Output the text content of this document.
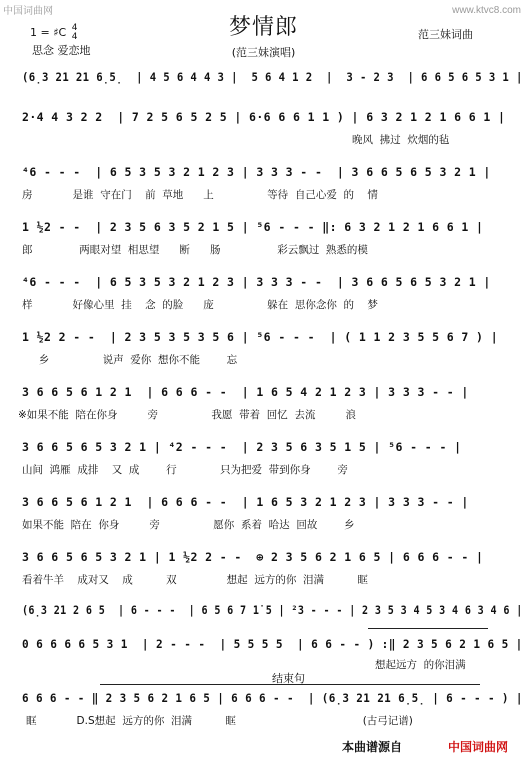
中国词曲网	www.ktvc8.com
1 = ♯C 4
4
思念 爱恋地
梦情郎
(范三妹演唱)
范三妹词曲
(6̣3 21 21 6̣5̣  | 4 5 6 4 4 3 |  5 6 4 1 2  |  3 - 2 3  | 6 6 5 6 5 3 1 |
2·4 4 3 2 2  | 7 2 5 6 5 2 5 | 6·6 6 6 1 1 ) | 6 3 2 1 2 1 6 6 1 |
晚风  拂过  炊烟的毡
⁴6 - - -  | 6 5 3 5 3 2 1 2 3 | 3 3 3 - -  | 3 6 6 5 6 5 3 2 1 |
房            是谁  守在门    前  草地      上                等待  自己心爱  的    情
1 ½2 - -  | 2 3 5 6 3 5 2 1 5 | ⁵6 - - - ‖: 6 3 2 1 2 1 6 6 1 |
郎              两眼对望  相思望      断      肠                 彩云飘过  熟悉的模
⁴6 - - -  | 6 5 3 5 3 2 1 2 3 | 3 3 3 - -  | 3 6 6 5 6 5 3 2 1 |
样            好像心里  挂    念  的脸      庞                躲在  思你念你  的    梦
1 ½2 2 - -  | 2 3 5 3 5 3 5 6 | ⁵6 - - -  | ( 1 1 2 3 5 5 6 7 ) |
乡                说声  爱你  想你不能        忘
3 6 6 5 6 1 2 1  | 6 6 6 - -  | 1 6 5 4 2 1 2 3 | 3 3 3 - - |
※如果不能  陪在你身         旁                我愿  带着  回忆  去流         浪
3 6 6 5 6 5 3 2 1 | ⁴2 - - -  | 2 3 5 6 3 5 1 5 | ⁵6 - - - |
山间  鸿雁  成排    又  成        行             只为把爱  带到你身        旁
3 6 6 5 6 1 2 1  | 6 6 6 - -  | 1 6 5 3 2 1 2 3 | 3 3 3 - - |
如果不能  陪在  你身         旁                愿你  系着  哈达  回故        乡
3 6 6 5 6 5 3 2 1 | 1 ½2 2 - -  ⊕ 2 3 5 6 2 1 6 5 | 6 6 6 - - |
看着牛羊    成对又    成          双               想起  远方的你  泪满          眶
(6̣3 21 2 6 5  | 6 - - -  | 6 5 6 7 1̇ 5 | ²3 - - - | 2 3 5 3 4 5 3 4 6 3 4 6 |
0 6 6 6 6 5 3 1  | 2 - - -  | 5 5 5 5  | 6 6 - - ) :‖ 2 3 5 6 2 1 6 5 |
想起远方  的你泪满
结束句
6 6 6 - - ‖ 2 3 5 6 2 1 6 5 | 6 6 6 - -  | (6̣3 21 21 6̣5̣ | 6 - - - ) |
眶            D.S想起  远方的你  泪满          眶                                      (古弓记谱)
本曲谱源自	中国词曲网
